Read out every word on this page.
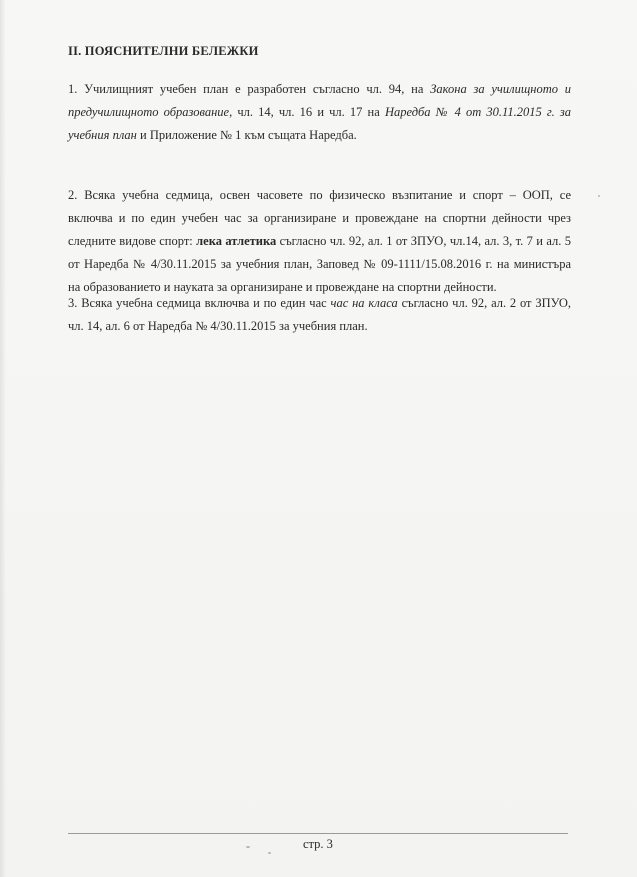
II. ПОЯСНИТЕЛНИ БЕЛЕЖКИ
1. Училищният учебен план е разработен съгласно чл. 94, на Закона за училищното и
предучилищното образование, чл. 14, чл. 16 и чл. 17 на Наредба № 4 от 30.11.2015 г. за
учебния план и Приложение № 1 към същата Наредба.
2. Всяка учебна седмица, освен часовете по физическо възпитание и спорт – ООП, се
включва и по един учебен час за организиране и провеждане на спортни дейности чрез
следните видове спорт: лека атлетика съгласно чл. 92, ал. 1 от ЗПУО, чл.14, ал. 3, т. 7 и ал. 5
от Наредба № 4/30.11.2015 за учебния план, Заповед № 09-1111/15.08.2016 г. на министъра
на образованието и науката за организиране и провеждане на спортни дейности.
3. Всяка учебна седмица включва и по един час час на класа съгласно чл. 92, ал. 2 от ЗПУО,
чл. 14, ал. 6 от Наредба № 4/30.11.2015 за учебния план.
стр. 3
